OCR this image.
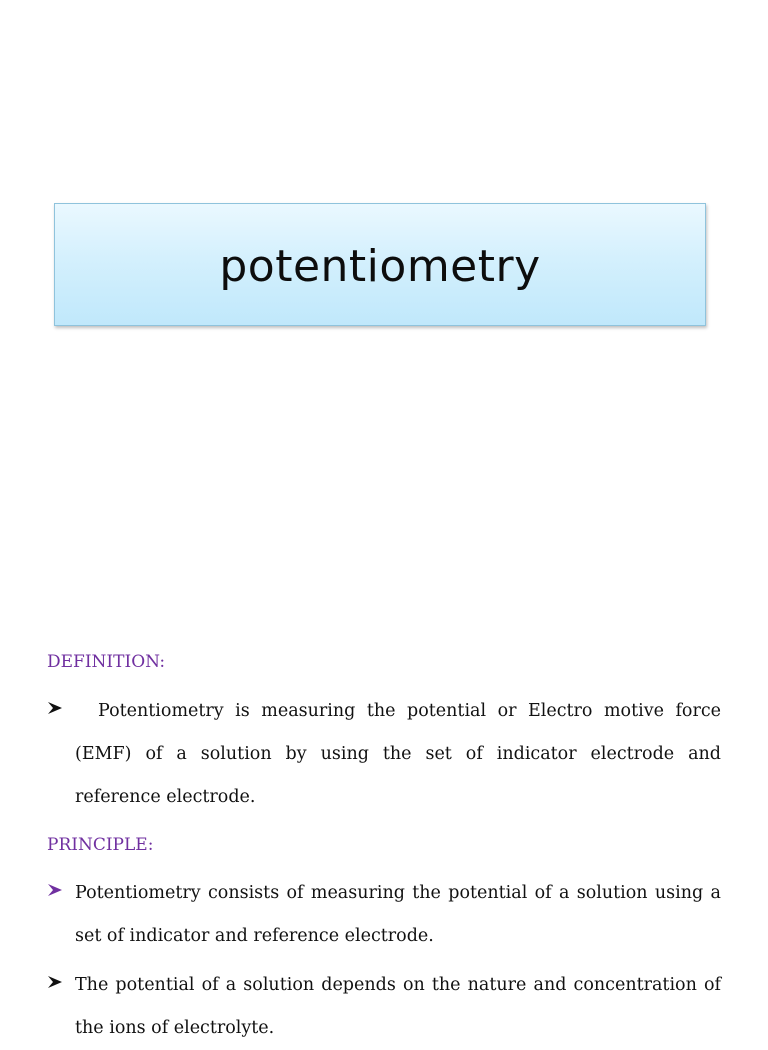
potentiometry
DEFINITION:
Potentiometry is measuring the potential or Electro motive force
(EMF) of a solution by using the set of indicator electrode and
reference electrode.
PRINCIPLE:
Potentiometry consists of measuring the potential of a solution using a
set of indicator and reference electrode.
The potential of a solution depends on the nature and concentration of
the ions of electrolyte.
